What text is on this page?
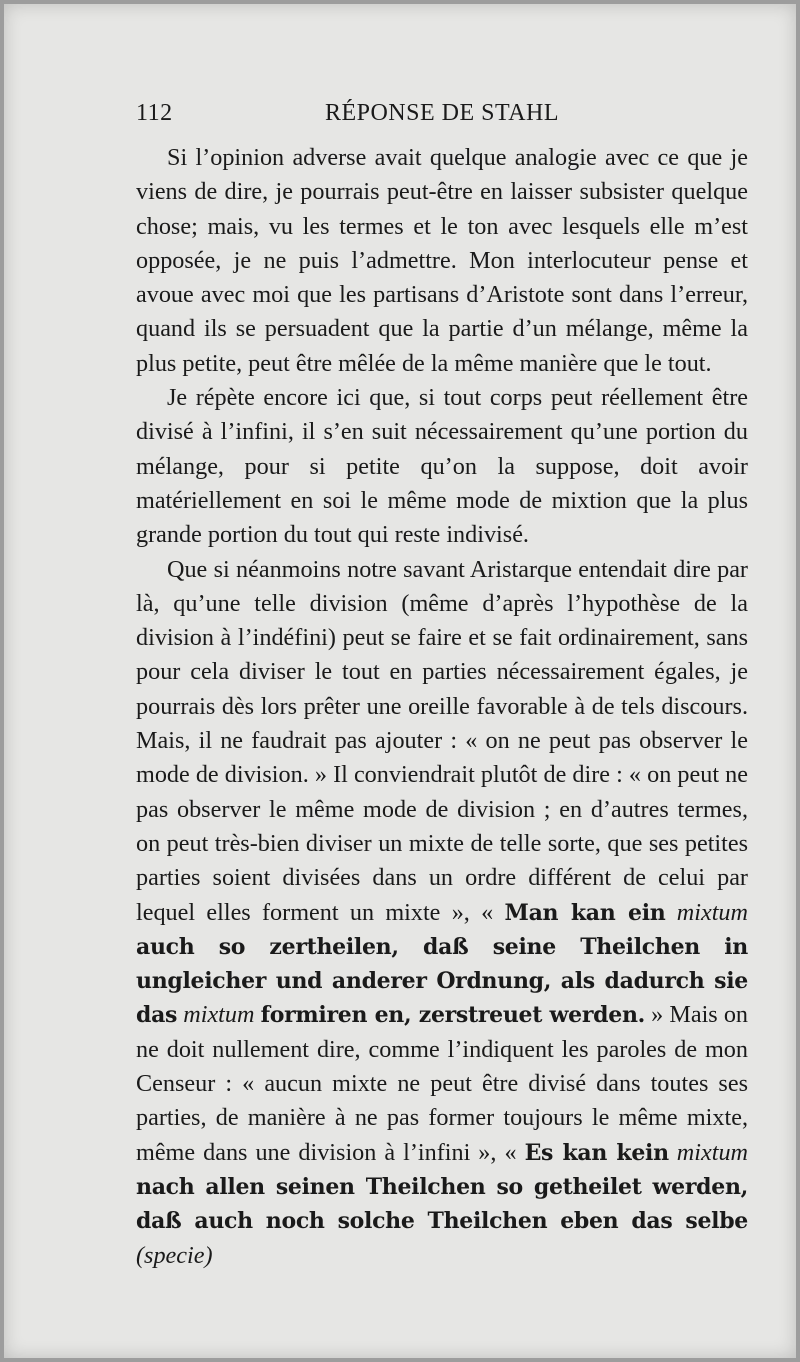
112	RÉPONSE DE STAHL

Si l’opinion adverse avait quelque analogie avec ce que je viens de dire, je pourrais peut-être en laisser subsister quelque chose; mais, vu les termes et le ton avec lesquels elle m’est opposée, je ne puis l’admettre. Mon interlocuteur pense et avoue avec moi que les partisans d’Aristote sont dans l’erreur, quand ils se persuadent que la partie d’un mélange, même la plus petite, peut être mêlée de la même manière que le tout.

Je répète encore ici que, si tout corps peut réellement être divisé à l’infini, il s’en suit nécessairement qu’une portion du mélange, pour si petite qu’on la suppose, doit avoir matériellement en soi le même mode de mixtion que la plus grande portion du tout qui reste indivisé.

Que si néanmoins notre savant Aristarque entendait dire par là, qu’une telle division (même d’après l’hypothèse de la division à l’indéfini) peut se faire et se fait ordinairement, sans pour cela diviser le tout en parties nécessairement égales, je pourrais dès lors prêter une oreille favorable à de tels discours. Mais, il ne faudrait pas ajouter : « on ne peut pas observer le mode de division. » Il conviendrait plutôt de dire : « on peut ne pas observer le même mode de division ; en d’autres termes, on peut très-bien diviser un mixte de telle sorte, que ses petites parties soient divisées dans un ordre différent de celui par lequel elles forment un mixte », « Man kan ein mixtum auch so zertheilen, daß seine Theilchen in ungleicher und anderer Ordnung, als dadurch sie das mixtum formiren en, zerstreuet werden. » Mais on ne doit nullement dire, comme l’indiquent les paroles de mon Censeur : « aucun mixte ne peut être divisé dans toutes ses parties, de manière à ne pas former toujours le même mixte, même dans une division à l’infini », « Es kan kein mixtum nach allen seinen Theilchen so getheilet werden, daß auch noch solche Theilchen eben das selbe (specie)
